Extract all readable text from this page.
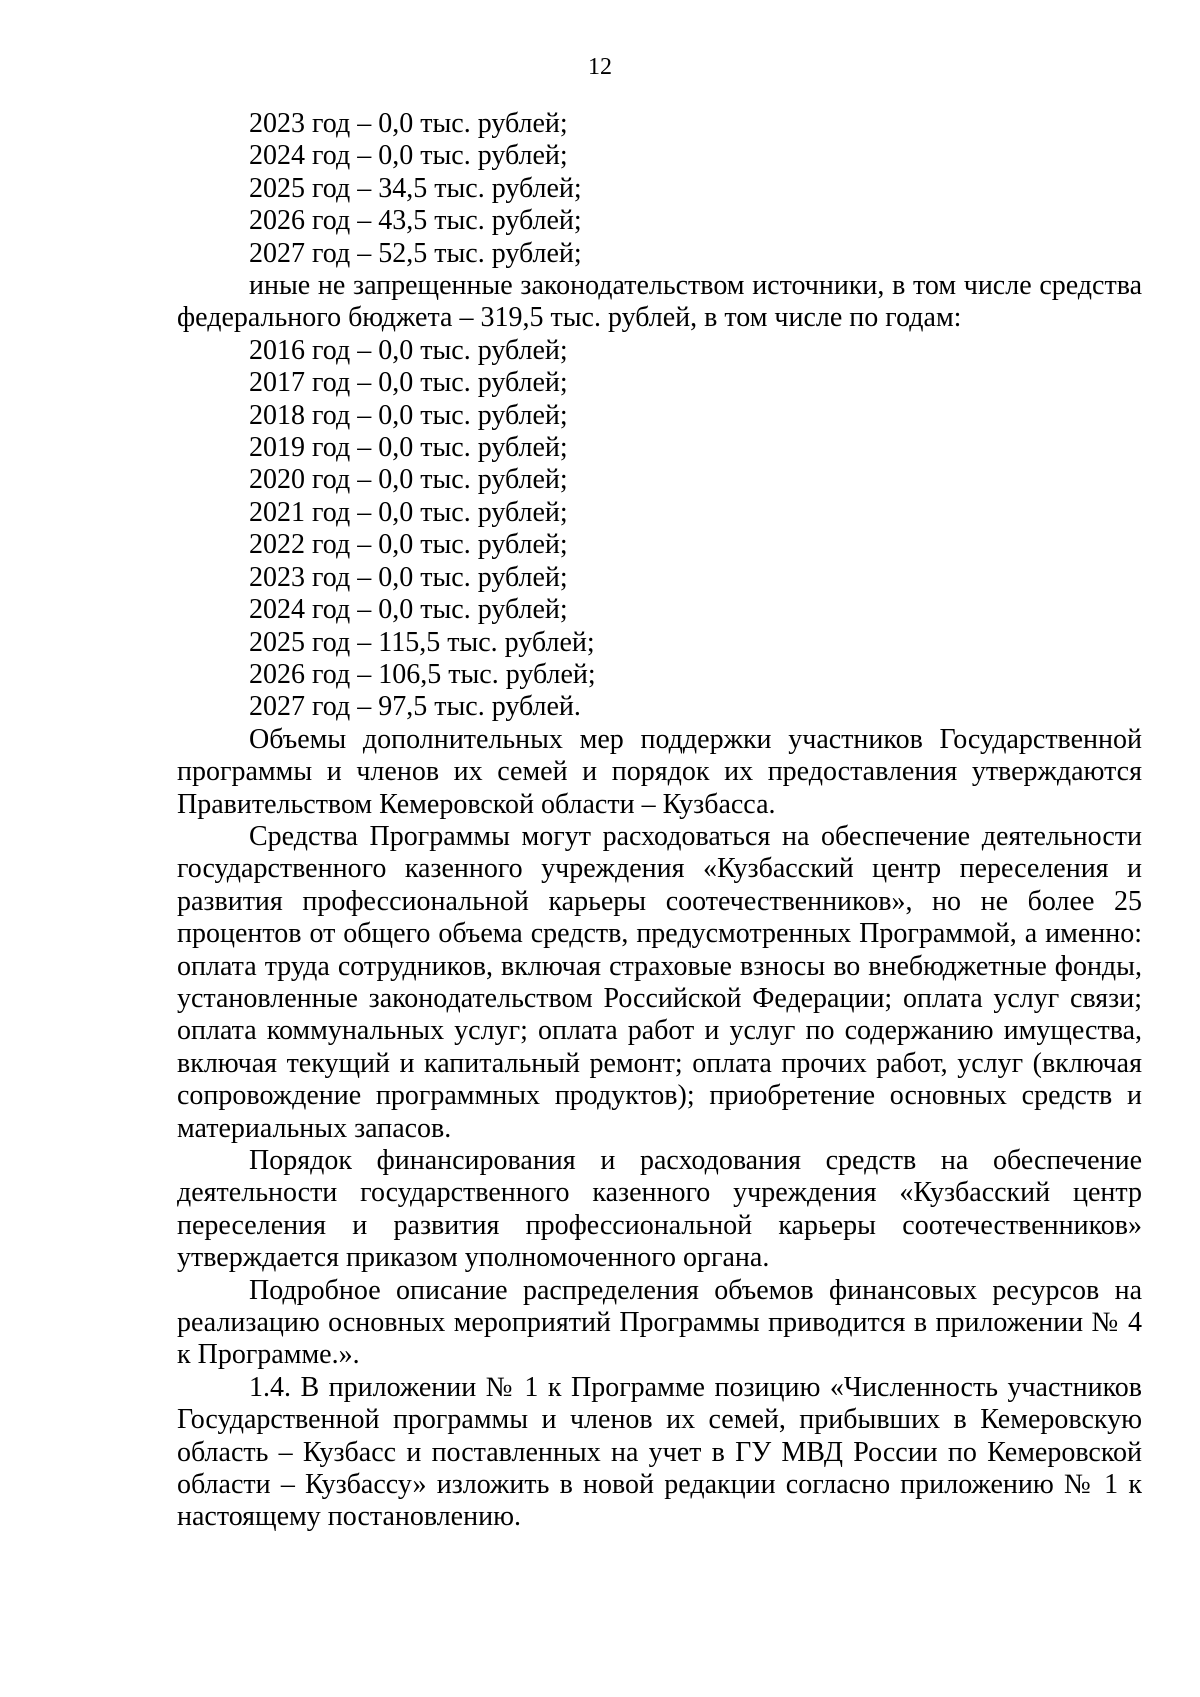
12

2023 год – 0,0 тыс. рублей;

2024 год – 0,0 тыс. рублей;

2025 год – 34,5 тыс. рублей;

2026 год – 43,5 тыс. рублей;

2027 год – 52,5 тыс. рублей;

иные не запрещенные законодательством источники, в том числе средства федерального бюджета – 319,5 тыс. рублей, в том числе по годам:

2016 год – 0,0 тыс. рублей;

2017 год – 0,0 тыс. рублей;

2018 год – 0,0 тыс. рублей;

2019 год – 0,0 тыс. рублей;

2020 год – 0,0 тыс. рублей;

2021 год – 0,0 тыс. рублей;

2022 год – 0,0 тыс. рублей;

2023 год – 0,0 тыс. рублей;

2024 год – 0,0 тыс. рублей;

2025 год – 115,5 тыс. рублей;

2026 год – 106,5 тыс. рублей;

2027 год – 97,5 тыс. рублей.

Объемы дополнительных мер поддержки участников Государственной программы и членов их семей и порядок их предоставления утверждаются Правительством Кемеровской области – Кузбасса.

Средства Программы могут расходоваться на обеспечение деятельности государственного казенного учреждения «Кузбасский центр переселения и развития профессиональной карьеры соотечественников», но не более 25 процентов от общего объема средств, предусмотренных Программой, а именно: оплата труда сотрудников, включая страховые взносы во внебюджетные фонды, установленные законодательством Российской Федерации; оплата услуг связи; оплата коммунальных услуг; оплата работ и услуг по содержанию имущества, включая текущий и капитальный ремонт; оплата прочих работ, услуг (включая сопровождение программных продуктов); приобретение основных средств и материальных запасов.

Порядок финансирования и расходования средств на обеспечение деятельности государственного казенного учреждения «Кузбасский центр переселения и развития профессиональной карьеры соотечественников» утверждается приказом уполномоченного органа.

Подробное описание распределения объемов финансовых ресурсов на реализацию основных мероприятий Программы приводится в приложении № 4 к Программе.».

1.4. В приложении № 1 к Программе позицию «Численность участников Государственной программы и членов их семей, прибывших в Кемеровскую область – Кузбасс и поставленных на учет в ГУ МВД России по Кемеровской области – Кузбассу» изложить в новой редакции согласно приложению № 1 к настоящему постановлению.
